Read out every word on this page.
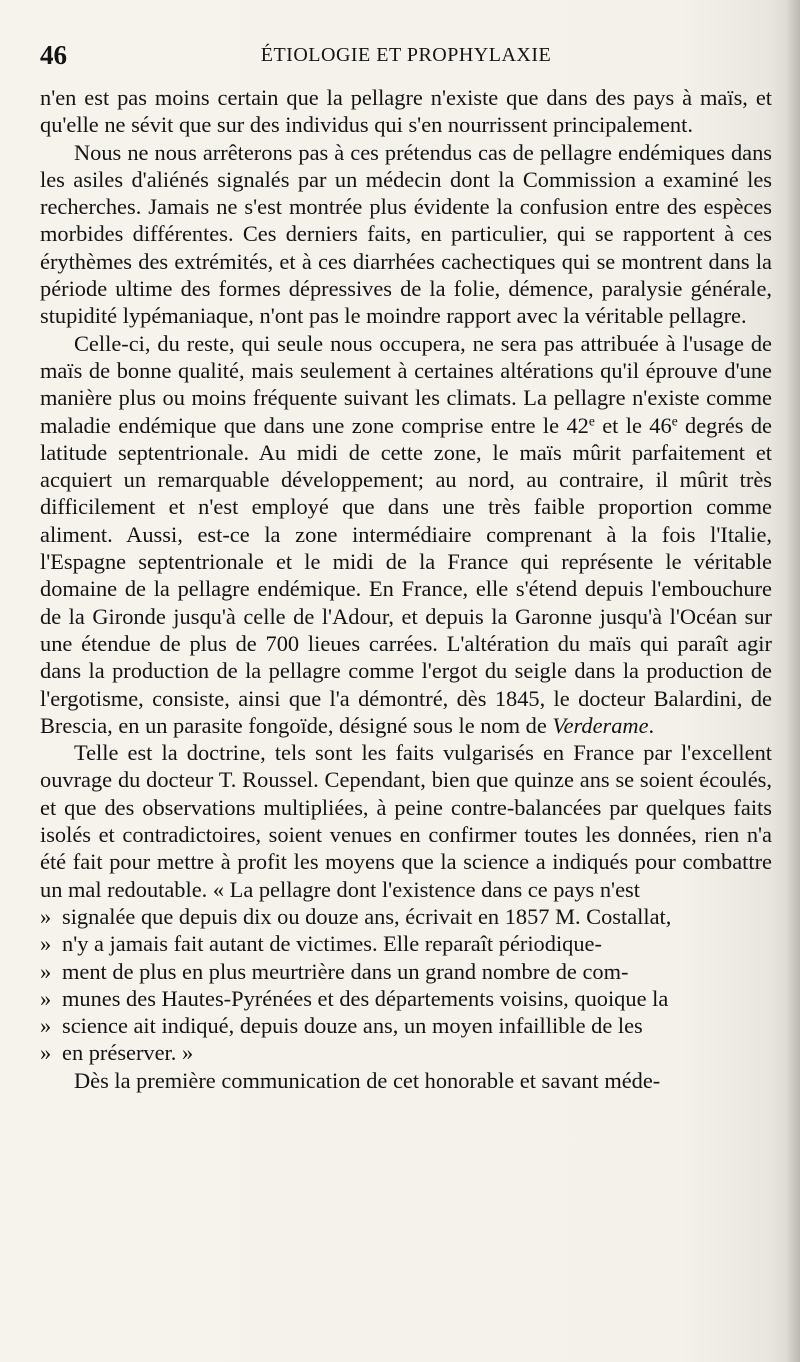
46	ÉTIOLOGIE ET PROPHYLAXIE

n'en est pas moins certain que la pellagre n'existe que dans des pays à maïs, et qu'elle ne sévit que sur des individus qui s'en nourrissent principalement.

Nous ne nous arrêterons pas à ces prétendus cas de pellagre endémiques dans les asiles d'aliénés signalés par un médecin dont la Commission a examiné les recherches. Jamais ne s'est montrée plus évidente la confusion entre des espèces morbides différentes. Ces derniers faits, en particulier, qui se rapportent à ces érythèmes des extrémités, et à ces diarrhées cachectiques qui se montrent dans la période ultime des formes dépressives de la folie, démence, paralysie générale, stupidité lypémaniaque, n'ont pas le moindre rapport avec la véritable pellagre.

Celle-ci, du reste, qui seule nous occupera, ne sera pas attribuée à l'usage de maïs de bonne qualité, mais seulement à certaines altérations qu'il éprouve d'une manière plus ou moins fréquente suivant les climats. La pellagre n'existe comme maladie endémique que dans une zone comprise entre le 42e et le 46e degrés de latitude septentrionale. Au midi de cette zone, le maïs mûrit parfaitement et acquiert un remarquable développement; au nord, au contraire, il mûrit très difficilement et n'est employé que dans une très faible proportion comme aliment. Aussi, est-ce la zone intermédiaire comprenant à la fois l'Italie, l'Espagne septentrionale et le midi de la France qui représente le véritable domaine de la pellagre endémique. En France, elle s'étend depuis l'embouchure de la Gironde jusqu'à celle de l'Adour, et depuis la Garonne jusqu'à l'Océan sur une étendue de plus de 700 lieues carrées. L'altération du maïs qui paraît agir dans la production de la pellagre comme l'ergot du seigle dans la production de l'ergotisme, consiste, ainsi que l'a démontré, dès 1845, le docteur Balardini, de Brescia, en un parasite fongoïde, désigné sous le nom de Verderame.

Telle est la doctrine, tels sont les faits vulgarisés en France par l'excellent ouvrage du docteur T. Roussel. Cependant, bien que quinze ans se soient écoulés, et que des observations multipliées, à peine contre-balancées par quelques faits isolés et contradictoires, soient venues en confirmer toutes les données, rien n'a été fait pour mettre à profit les moyens que la science a indiqués pour combattre un mal redoutable. « La pellagre dont l'existence dans ce pays n'est

» signalée que depuis dix ou douze ans, écrivait en 1857 M. Costallat,

» n'y a jamais fait autant de victimes. Elle reparaît périodique-

» ment de plus en plus meurtrière dans un grand nombre de com-

» munes des Hautes-Pyrénées et des départements voisins, quoique la

» science ait indiqué, depuis douze ans, un moyen infaillible de les

» en préserver. »

Dès la première communication de cet honorable et savant méde-
